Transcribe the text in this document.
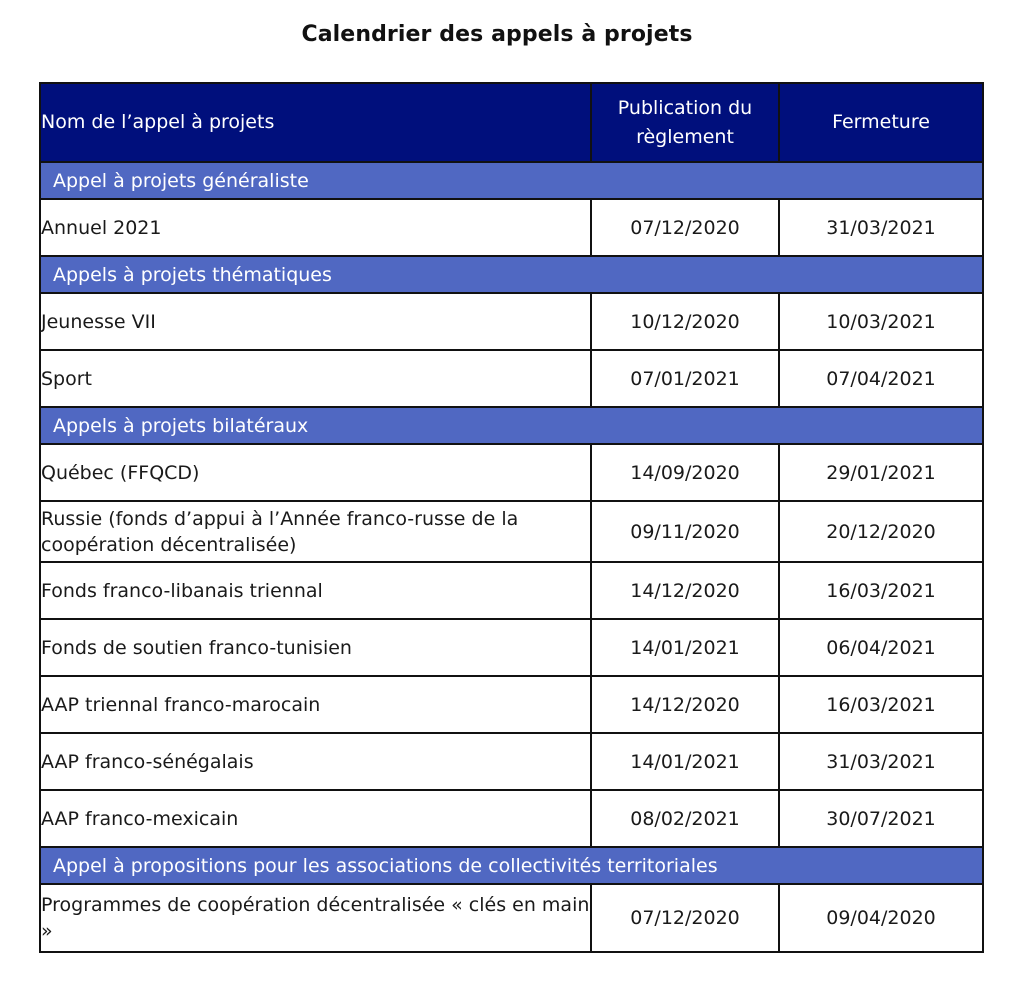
Calendrier des appels à projets
Nom de l’appel à projets	Publication du règlement	Fermeture
Appel à projets généraliste		
Annuel 2021	07/12/2020	31/03/2021
Appels à projets thématiques		
Jeunesse VII	10/12/2020	10/03/2021
Sport	07/01/2021	07/04/2021
Appels à projets bilatéraux		
Québec (FFQCD)	14/09/2020	29/01/2021
Russie (fonds d’appui à l’Année franco-russe de la coopération décentralisée)	09/11/2020	20/12/2020
Fonds franco-libanais triennal	14/12/2020	16/03/2021
Fonds de soutien franco-tunisien	14/01/2021	06/04/2021
AAP triennal franco-marocain	14/12/2020	16/03/2021
AAP franco-sénégalais	14/01/2021	31/03/2021
AAP franco-mexicain	08/02/2021	30/07/2021
Appel à propositions pour les associations de collectivités territoriales		
Programmes de coopération décentralisée « clés en main »	07/12/2020	09/04/2020
